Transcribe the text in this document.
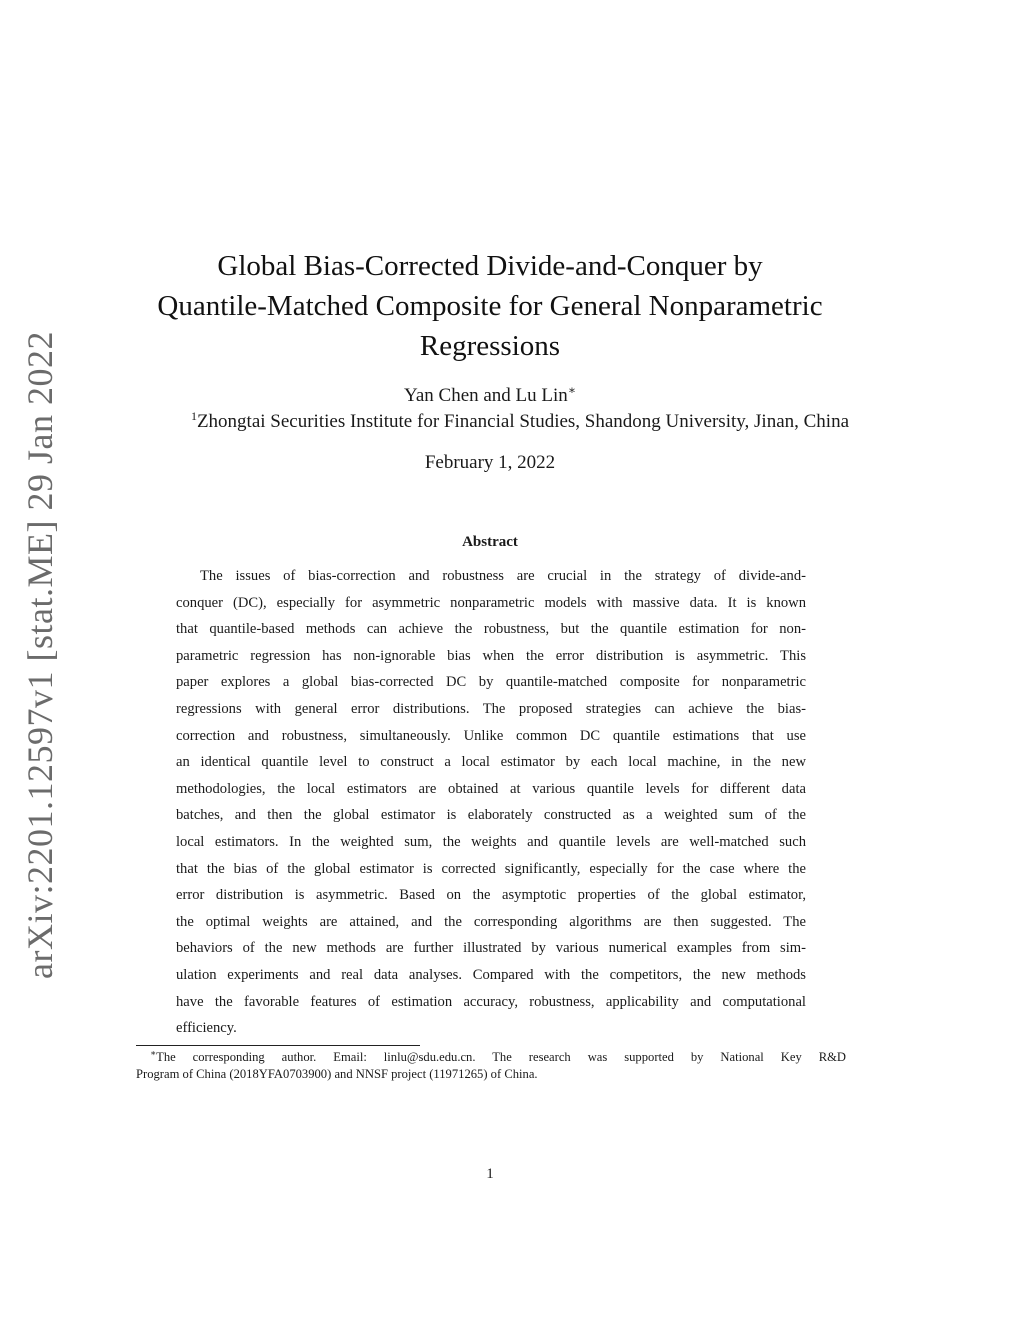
arXiv:2201.12597v1 [stat.ME] 29 Jan 2022
Global Bias-Corrected Divide-and-Conquer by
Quantile-Matched Composite for General Nonparametric
Regressions
Yan Chen and Lu Lin∗
$^1$Zhongtai Securities Institute for Financial Studies, Shandong University, Jinan, China
February 1, 2022
Abstract
The issues of bias-correction and robustness are crucial in the strategy of divide-and-
conquer (DC), especially for asymmetric nonparametric models with massive data. It is known
that quantile-based methods can achieve the robustness, but the quantile estimation for non-
parametric regression has non-ignorable bias when the error distribution is asymmetric. This
paper explores a global bias-corrected DC by quantile-matched composite for nonparametric
regressions with general error distributions. The proposed strategies can achieve the bias-
correction and robustness, simultaneously. Unlike common DC quantile estimations that use
an identical quantile level to construct a local estimator by each local machine, in the new
methodologies, the local estimators are obtained at various quantile levels for different data
batches, and then the global estimator is elaborately constructed as a weighted sum of the
local estimators. In the weighted sum, the weights and quantile levels are well-matched such
that the bias of the global estimator is corrected significantly, especially for the case where the
error distribution is asymmetric. Based on the asymptotic properties of the global estimator,
the optimal weights are attained, and the corresponding algorithms are then suggested. The
behaviors of the new methods are further illustrated by various numerical examples from sim-
ulation experiments and real data analyses. Compared with the competitors, the new methods
have the favorable features of estimation accuracy, robustness, applicability and computational
efficiency.
∗The corresponding author. Email: linlu@sdu.edu.cn. The research was supported by National Key R&D
Program of China (2018YFA0703900) and NNSF project (11971265) of China.
1
